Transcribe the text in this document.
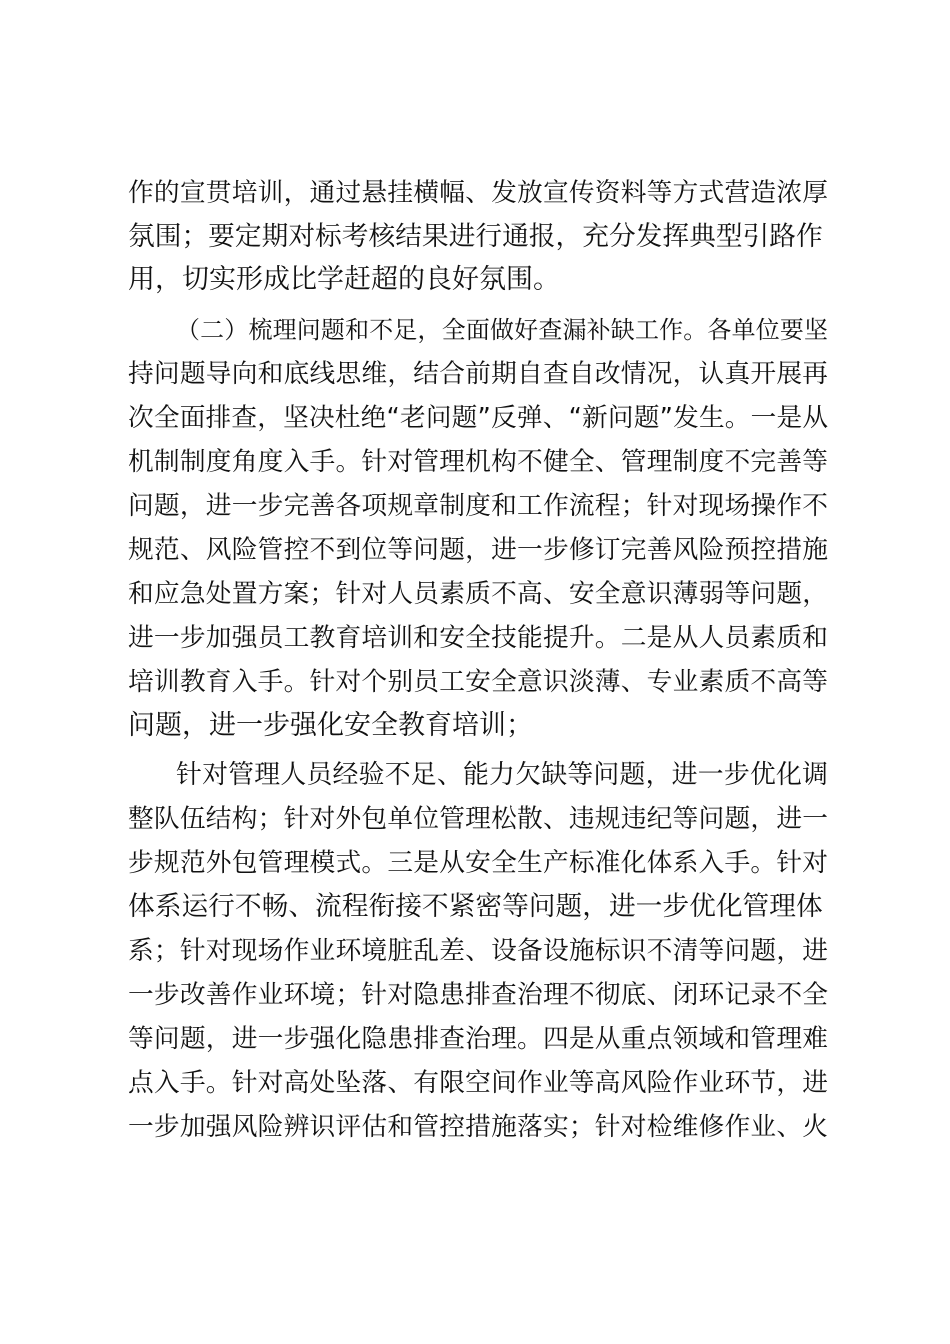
作的宣贯培训，通过悬挂横幅、发放宣传资料等方式营造浓厚
氛围；要定期对标考核结果进行通报，充分发挥典型引路作
用，切实形成比学赶超的良好氛围。
（二）梳理问题和不足，全面做好查漏补缺工作。各单位要坚
持问题导向和底线思维，结合前期自查自改情况，认真开展再
次全面排查，坚决杜绝“老问题”反弹、“新问题”发生。一是从
机制制度角度入手。针对管理机构不健全、管理制度不完善等
问题，进一步完善各项规章制度和工作流程；针对现场操作不
规范、风险管控不到位等问题，进一步修订完善风险预控措施
和应急处置方案；针对人员素质不高、安全意识薄弱等问题，
进一步加强员工教育培训和安全技能提升。二是从人员素质和
培训教育入手。针对个别员工安全意识淡薄、专业素质不高等
问题，进一步强化安全教育培训；
针对管理人员经验不足、能力欠缺等问题，进一步优化调
整队伍结构；针对外包单位管理松散、违规违纪等问题，进一
步规范外包管理模式。三是从安全生产标准化体系入手。针对
体系运行不畅、流程衔接不紧密等问题，进一步优化管理体
系；针对现场作业环境脏乱差、设备设施标识不清等问题，进
一步改善作业环境；针对隐患排查治理不彻底、闭环记录不全
等问题，进一步强化隐患排查治理。四是从重点领域和管理难
点入手。针对高处坠落、有限空间作业等高风险作业环节，进
一步加强风险辨识评估和管控措施落实；针对检维修作业、火
